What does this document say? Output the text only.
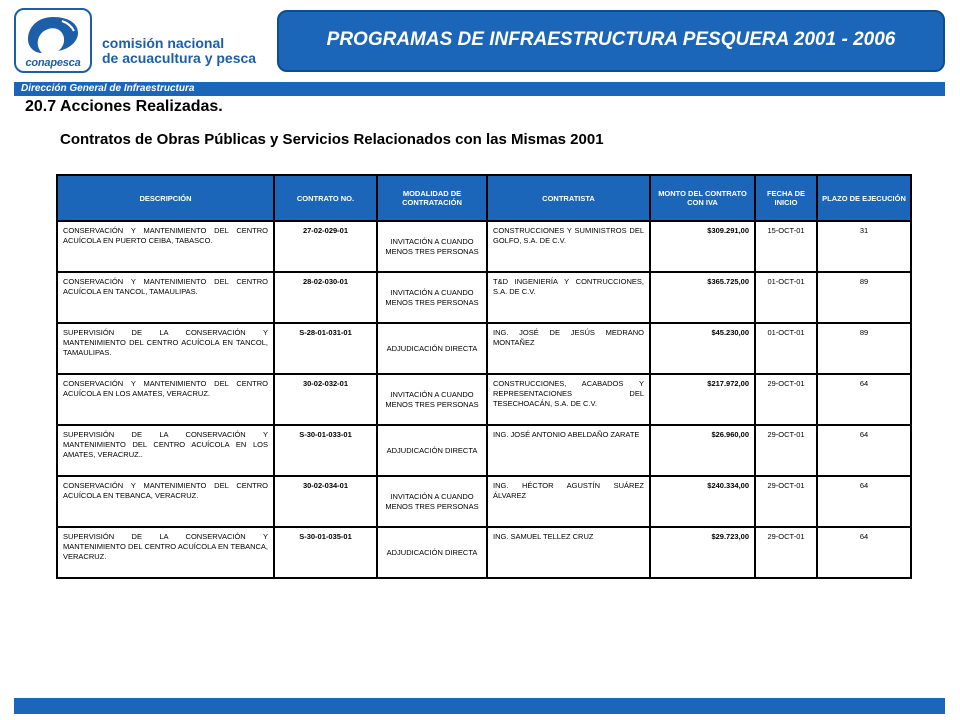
conapesca
comisión nacional
de acuacultura y pesca
PROGRAMAS DE INFRAESTRUCTURA PESQUERA 2001 - 2006
Dirección General de Infraestructura
20.7 Acciones Realizadas.
Contratos de Obras Públicas y Servicios Relacionados con las Mismas 2001
DESCRIPCIÓN	CONTRATO NO.	MODALIDAD DE CONTRATACIÓN	CONTRATISTA	MONTO DEL CONTRATO CON IVA	FECHA DE INICIO	PLAZO DE EJECUCIÓN
CONSERVACIÓN Y MANTENIMIENTO DEL CENTRO ACUÍCOLA EN PUERTO CEIBA, TABASCO.	27-02-029-01	INVITACIÓN A CUANDO MENOS TRES PERSONAS	CONSTRUCCIONES Y SUMINISTROS DEL GOLFO, S.A. DE C.V.	$309.291,00	15-OCT-01	31
CONSERVACIÓN Y MANTENIMIENTO DEL CENTRO ACUÍCOLA EN TANCOL, TAMAULIPAS.	28-02-030-01	INVITACIÓN A CUANDO MENOS TRES PERSONAS	T&D INGENIERÍA Y CONTRUCCIONES, S.A. DE C.V.	$365.725,00	01-OCT-01	89
SUPERVISIÓN DE LA CONSERVACIÓN Y MANTENIMIENTO DEL CENTRO ACUÍCOLA EN TANCOL, TAMAULIPAS.	S-28-01-031-01	ADJUDICACIÓN DIRECTA	ING. JOSÉ DE JESÚS MEDRANO MONTAÑEZ	$45.230,00	01-OCT-01	89
CONSERVACIÓN Y MANTENIMIENTO DEL CENTRO ACUÍCOLA EN LOS AMATES, VERACRUZ.	30-02-032-01	INVITACIÓN A CUANDO MENOS TRES PERSONAS	CONSTRUCCIONES, ACABADOS Y REPRESENTACIONES DEL TESECHOACÁN, S.A. DE C.V.	$217.972,00	29-OCT-01	64
SUPERVISIÓN DE LA CONSERVACIÓN Y MANTENIMIENTO DEL CENTRO ACUÍCOLA EN LOS AMATES, VERACRUZ..	S-30-01-033-01	ADJUDICACIÓN DIRECTA	ING. JOSÉ ANTONIO ABELDAÑO ZARATE	$26.960,00	29-OCT-01	64
CONSERVACIÓN Y MANTENIMIENTO DEL CENTRO ACUÍCOLA EN TEBANCA, VERACRUZ.	30-02-034-01	INVITACIÓN A CUANDO MENOS TRES PERSONAS	ING. HÉCTOR AGUSTÍN SUÁREZ ÁLVAREZ	$240.334,00	29-OCT-01	64
SUPERVISIÓN DE LA CONSERVACIÓN Y MANTENIMIENTO DEL CENTRO ACUÍCOLA EN TEBANCA, VERACRUZ.	S-30-01-035-01	ADJUDICACIÓN DIRECTA	ING. SAMUEL TELLEZ CRUZ	$29.723,00	29-OCT-01	64
